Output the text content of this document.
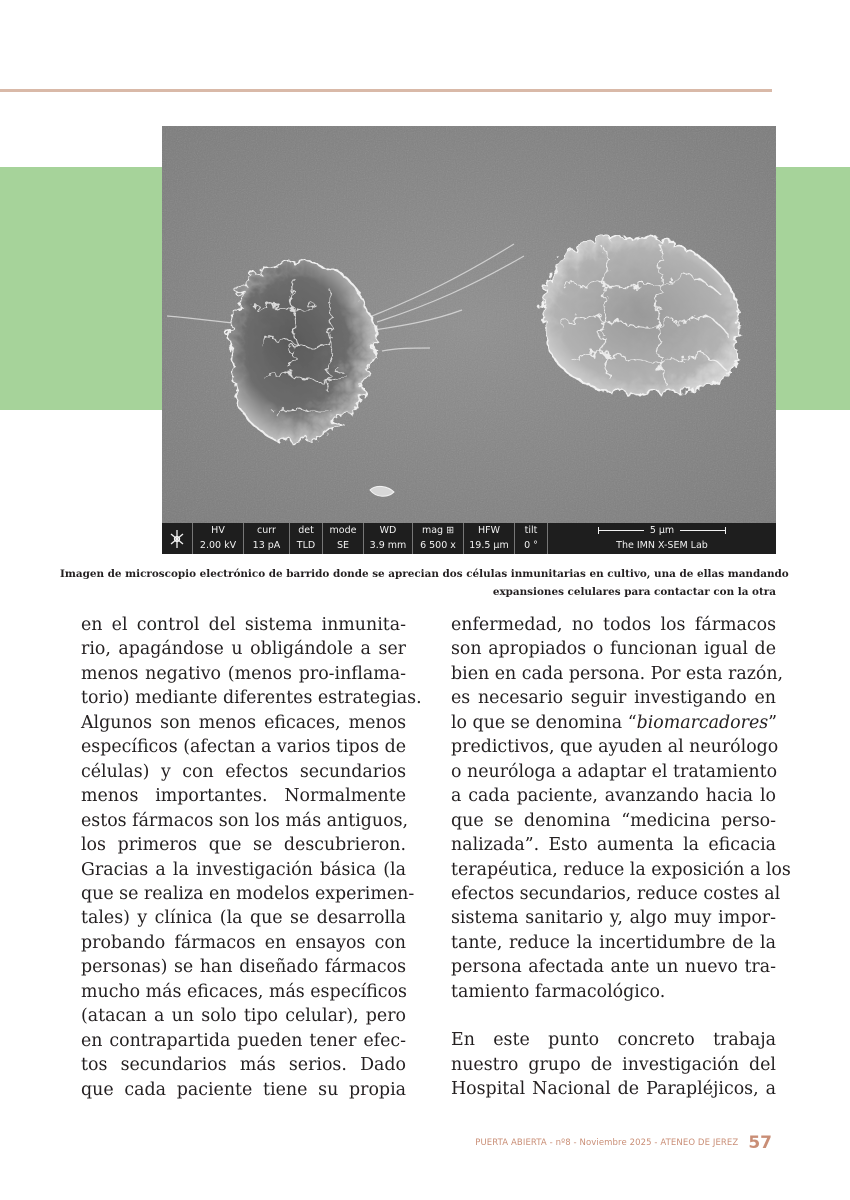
HV
2.00 kV
curr
13 pA
det
TLD
mode
SE
WD
3.9 mm
mag ⊞
6 500 x
HFW
19.5 µm
tilt
0 °
5 µm
The IMN X-SEM Lab
Imagen de microscopio electrónico de barrido donde se aprecian dos células inmunitarias en cultivo, una de ellas mandando
expansiones celulares para contactar con la otra
en el control del sistema inmunita-
rio, apagándose u obligándole a ser
menos negativo (menos pro-inflama-
torio) mediante diferentes estrategias.
Algunos son menos eficaces, menos
específicos (afectan a varios tipos de
células) y con efectos secundarios
menos importantes. Normalmente
estos fármacos son los más antiguos,
los primeros que se descubrieron.
Gracias a la investigación básica (la
que se realiza en modelos experimen-
tales) y clínica (la que se desarrolla
probando fármacos en ensayos con
personas) se han diseñado fármacos
mucho más eficaces, más específicos
(atacan a un solo tipo celular), pero
en contrapartida pueden tener efec-
tos secundarios más serios. Dado
que cada paciente tiene su propia
enfermedad, no todos los fármacos
son apropiados o funcionan igual de
bien en cada persona. Por esta razón,
es necesario seguir investigando en
lo que se denomina “biomarcadores”
predictivos, que ayuden al neurólogo
o neuróloga a adaptar el tratamiento
a cada paciente, avanzando hacia lo
que se denomina “medicina perso-
nalizada”. Esto aumenta la eficacia
terapéutica, reduce la exposición a los
efectos secundarios, reduce costes al
sistema sanitario y, algo muy impor-
tante, reduce la incertidumbre de la
persona afectada ante un nuevo tra-
tamiento farmacológico.
En este punto concreto trabaja
nuestro grupo de investigación del
Hospital Nacional de Parapléjicos, a
PUERTA ABIERTA - nº8 - Noviembre 2025 - ATENEO DE JEREZ 57
